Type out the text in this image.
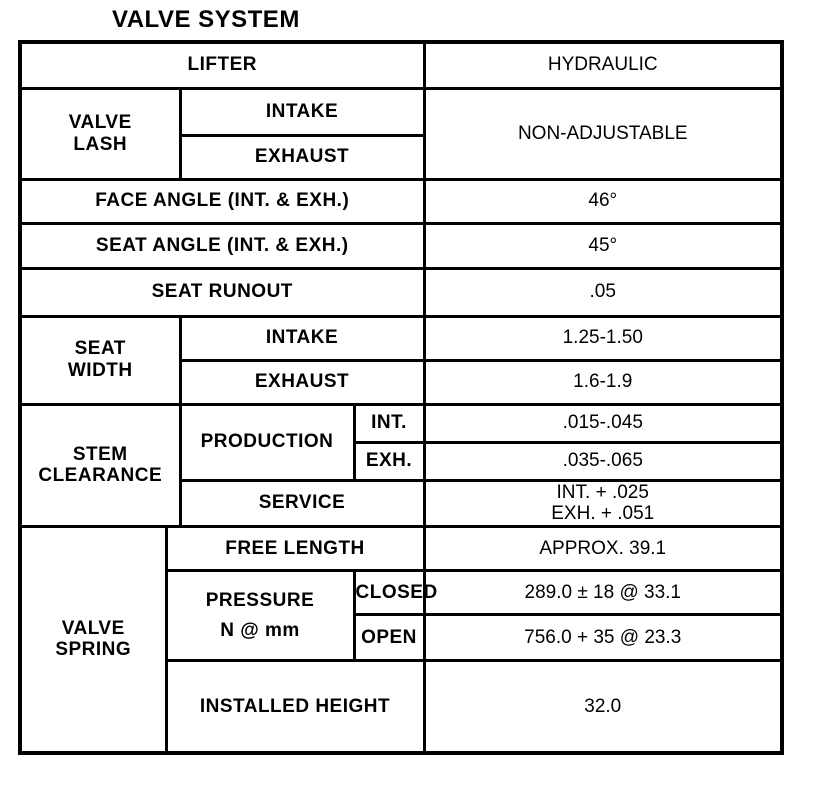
VALVE SYSTEM
LIFTER				HYDRAULIC

VALVE
LASH		INTAKE		NON-ADJUSTABLE
		EXHAUST		
FACE ANGLE (INT. & EXH.)				46°
SEAT ANGLE (INT. & EXH.)				45°
SEAT RUNOUT				.05

SEAT
WIDTH		INTAKE		1.25-1.50
		EXHAUST		1.6-1.9

STEM
CLEARANCE		PRODUCTION	INT.	.015-.045
			EXH.	.035-.065
		SERVICE		INT. + .025
EXH. + .051

VALVE
SPRING	FREE LENGTH			APPROX. 39.1

	PRESSURE
N @ mm		CLOSED	289.0 ± 18 @ 33.1
			OPEN	756.0 + 35 @ 23.3
	INSTALLED HEIGHT			32.0
